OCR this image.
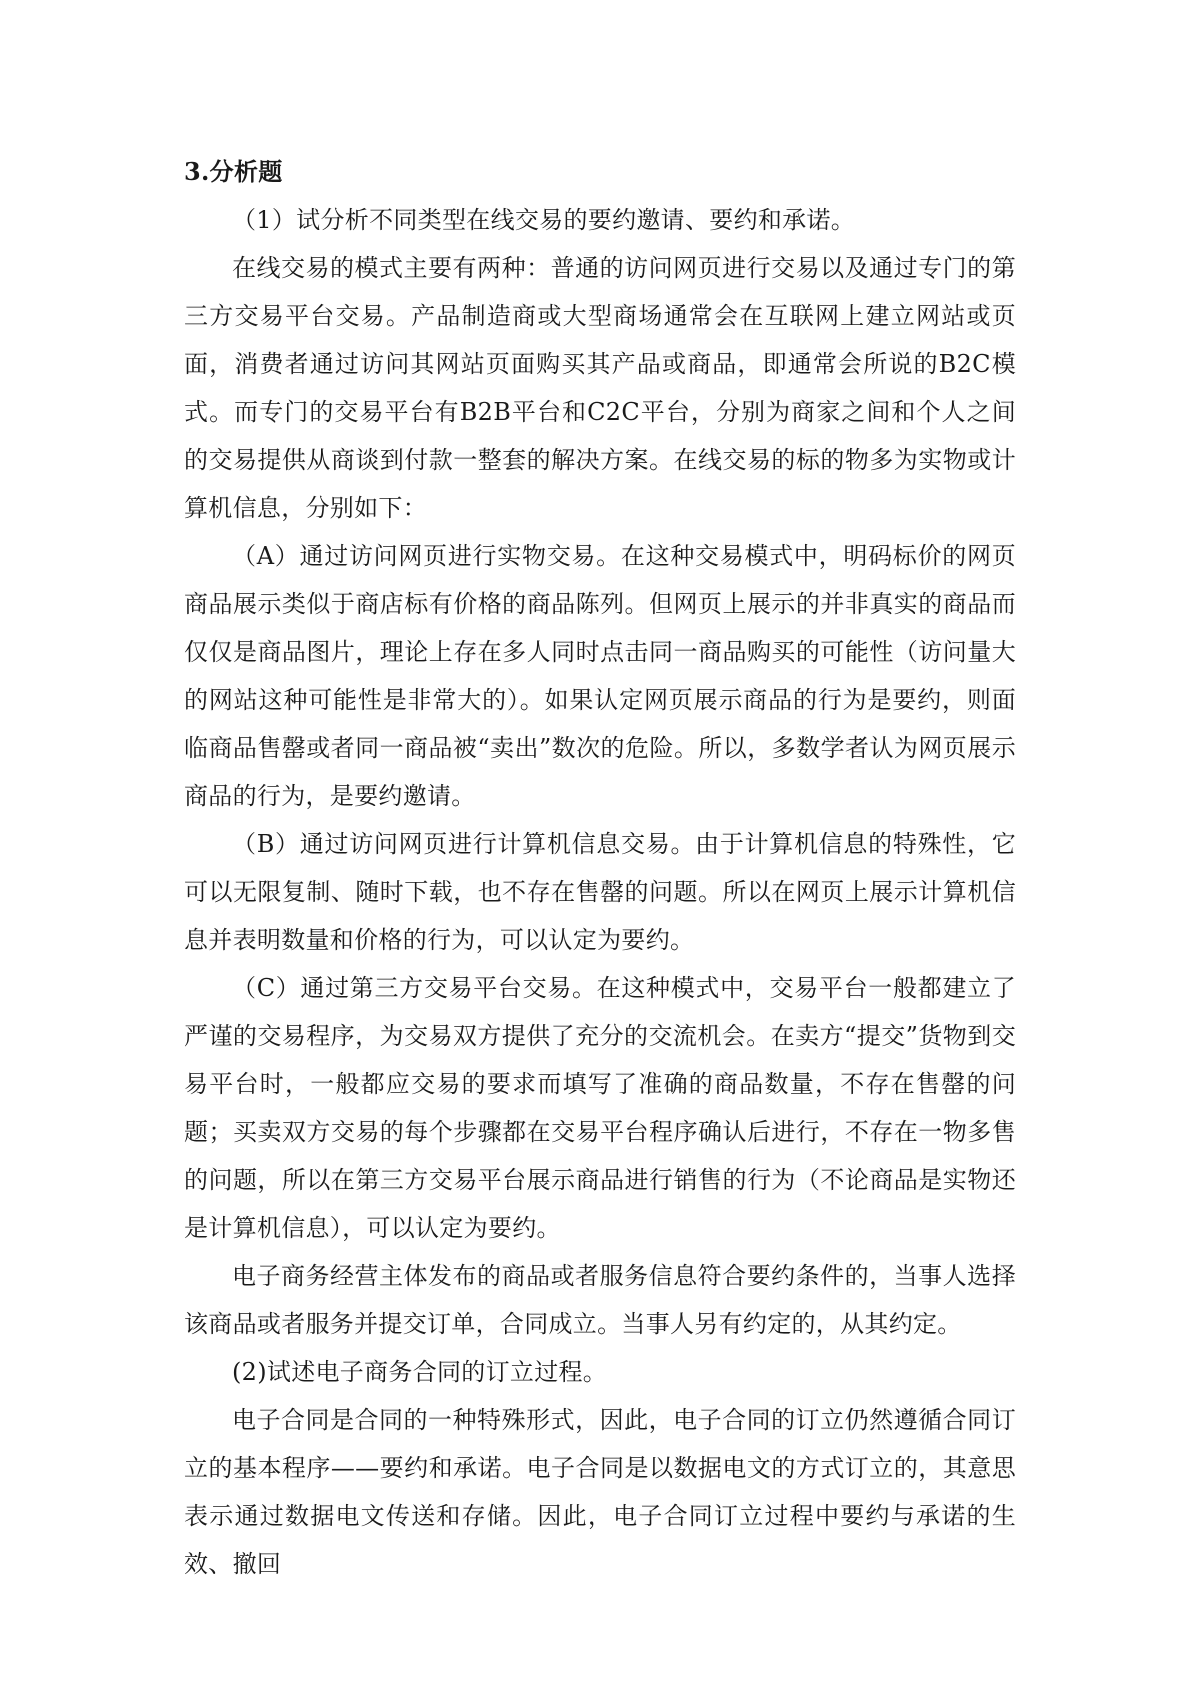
3.分析题

（1）试分析不同类型在线交易的要约邀请、要约和承诺。

在线交易的模式主要有两种：普通的访问网页进行交易以及通过专门的第三方交易平台交易。产品制造商或大型商场通常会在互联网上建立网站或页面，消费者通过访问其网站页面购买其产品或商品，即通常会所说的B2C模式。而专门的交易平台有B2B平台和C2C平台，分别为商家之间和个人之间的交易提供从商谈到付款一整套的解决方案。在线交易的标的物多为实物或计算机信息，分别如下：

（A）通过访问网页进行实物交易。在这种交易模式中，明码标价的网页商品展示类似于商店标有价格的商品陈列。但网页上展示的并非真实的商品而仅仅是商品图片，理论上存在多人同时点击同一商品购买的可能性（访问量大的网站这种可能性是非常大的）。如果认定网页展示商品的行为是要约，则面临商品售罄或者同一商品被“卖出”数次的危险。所以，多数学者认为网页展示商品的行为，是要约邀请。

（B）通过访问网页进行计算机信息交易。由于计算机信息的特殊性，它可以无限复制、随时下载，也不存在售罄的问题。所以在网页上展示计算机信息并表明数量和价格的行为，可以认定为要约。

（C）通过第三方交易平台交易。在这种模式中，交易平台一般都建立了严谨的交易程序，为交易双方提供了充分的交流机会。在卖方“提交”货物到交易平台时，一般都应交易的要求而填写了准确的商品数量，不存在售罄的问题；买卖双方交易的每个步骤都在交易平台程序确认后进行，不存在一物多售的问题，所以在第三方交易平台展示商品进行销售的行为（不论商品是实物还是计算机信息），可以认定为要约。

电子商务经营主体发布的商品或者服务信息符合要约条件的，当事人选择该商品或者服务并提交订单，合同成立。当事人另有约定的，从其约定。

(2)试述电子商务合同的订立过程。

电子合同是合同的一种特殊形式，因此，电子合同的订立仍然遵循合同订立的基本程序——要约和承诺。电子合同是以数据电文的方式订立的，其意思表示通过数据电文传送和存储。因此，电子合同订立过程中要约与承诺的生效、撤回
